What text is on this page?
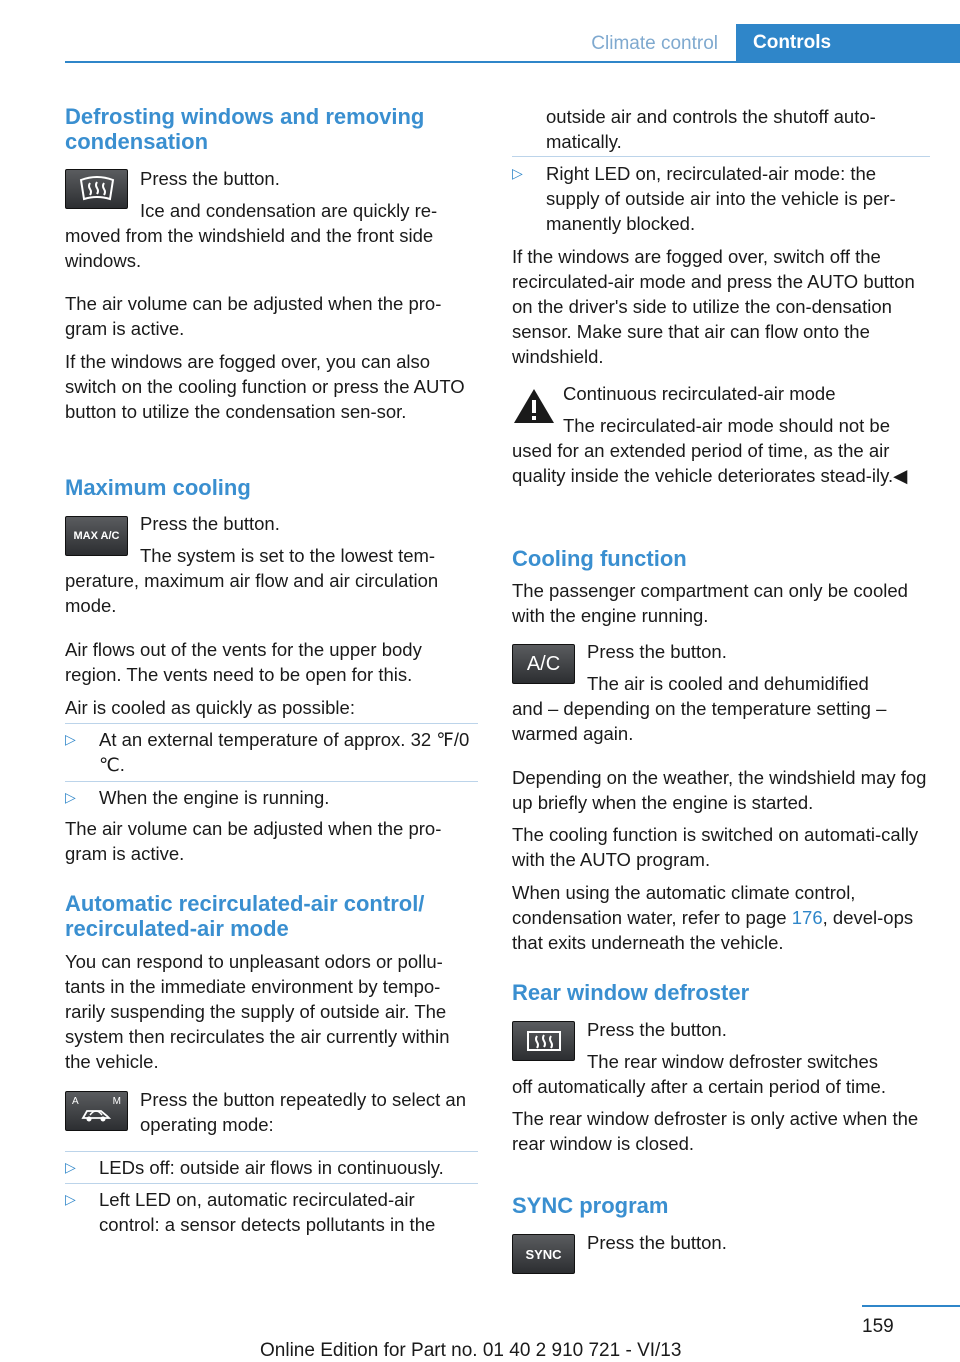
Climate control	Controls
Defrosting windows and removing condensation

Press the button.

Ice and condensation are quickly re‐

moved from the windshield and the front side windows.

The air volume can be adjusted when the pro‐gram is active.

If the windows are fogged over, you can also switch on the cooling function or press the AUTO button to utilize the condensation sen‐sor.

Maximum cooling
MAX A/C

Press the button.

The system is set to the lowest tem‐

perature, maximum air flow and air circulation mode.

Air flows out of the vents for the upper body region. The vents need to be open for this.

Air is cooled as quickly as possible:

▷ At an external temperature of approx. 32 ℉/0 ℃.
▷ When the engine is running.

The air volume can be adjusted when the pro‐gram is active.

Automatic recirculated-air control/ recirculated-air mode

You can respond to unpleasant odors or pollu‐tants in the immediate environment by tempo‐rarily suspending the supply of outside air. The system then recirculates the air currently within the vehicle.

A	M Press the button repeatedly to select an operating mode:

▷ LEDs off: outside air flows in continuously.
▷ Left LED on, automatic recirculated-air control: a sensor detects pollutants in the

outside air and controls the shutoff auto‐matically.

▷ Right LED on, recirculated-air mode: the supply of outside air into the vehicle is per‐manently blocked.

If the windows are fogged over, switch off the recirculated-air mode and press the AUTO button on the driver's side to utilize the con‐densation sensor. Make sure that air can flow onto the windshield.

Continuous recirculated-air mode

The recirculated-air mode should not be

used for an extended period of time, as the air quality inside the vehicle deteriorates stead‐ily.◀

Cooling function

The passenger compartment can only be cooled with the engine running.

A/C

Press the button.

The air is cooled and dehumidified

and – depending on the temperature setting – warmed again.

Depending on the weather, the windshield may fog up briefly when the engine is started.

The cooling function is switched on automati‐cally with the AUTO program.

When using the automatic climate control, condensation water, refer to page 176, devel‐ops that exits underneath the vehicle.

Rear window defroster

Press the button.

The rear window defroster switches

off automatically after a certain period of time.

The rear window defroster is only active when the rear window is closed.

SYNC program
SYNC

Press the button.

159
Online Edition for Part no. 01 40 2 910 721 - VI/13
